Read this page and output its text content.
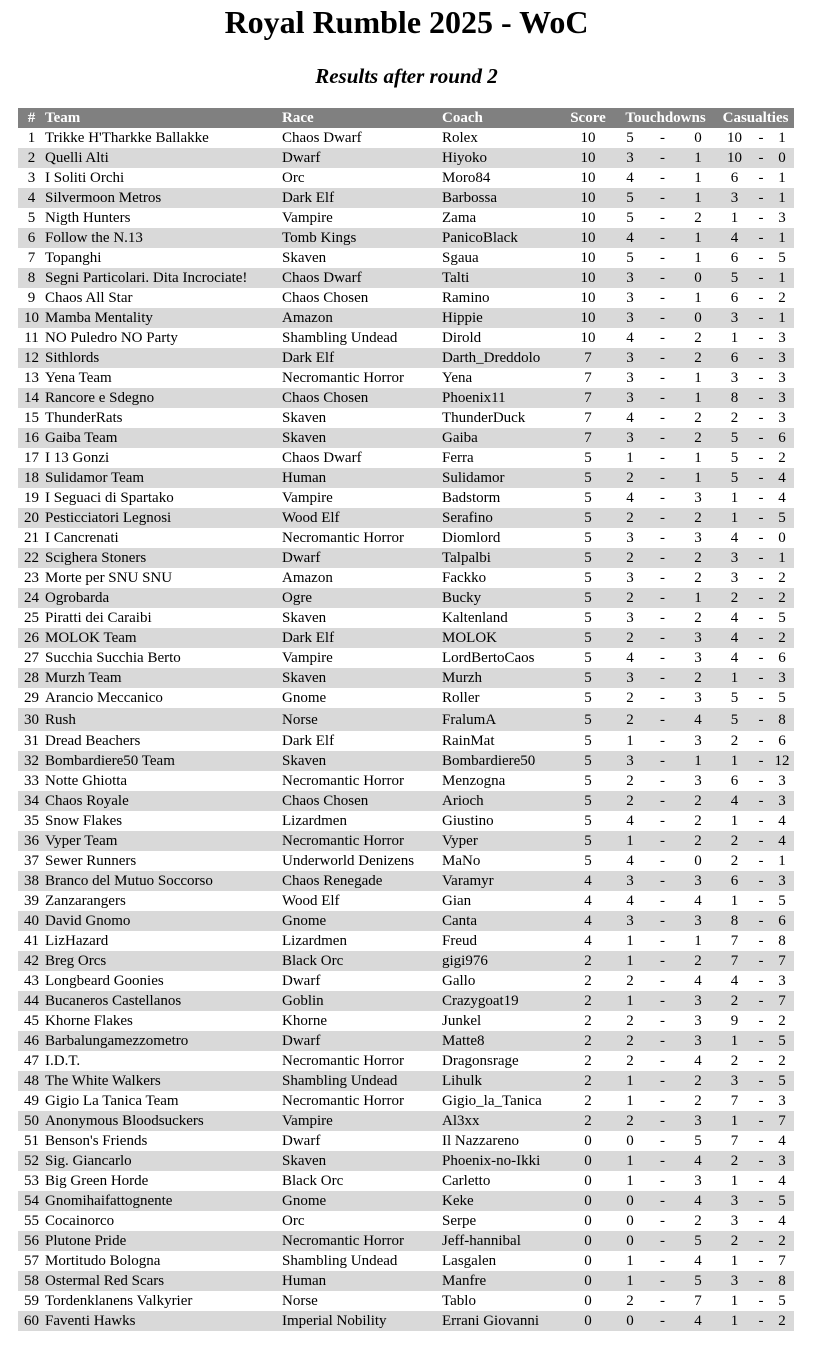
Royal Rumble 2025 - WoC
Results after round 2
#	Team	Race	Coach	Score	Touchdowns			Casualties		
1	Trikke H'Tharkke Ballakke	Chaos Dwarf	Rolex	10	5	-	0	10	-	1
2	Quelli Alti	Dwarf	Hiyoko	10	3	-	1	10	-	0
3	I Soliti Orchi	Orc	Moro84	10	4	-	1	6	-	1
4	Silvermoon Metros	Dark Elf	Barbossa	10	5	-	1	3	-	1
5	Nigth Hunters	Vampire	Zama	10	5	-	2	1	-	3
6	Follow the N.13	Tomb Kings	PanicoBlack	10	4	-	1	4	-	1
7	Topanghi	Skaven	Sgaua	10	5	-	1	6	-	5
8	Segni Particolari. Dita Incrociate!	Chaos Dwarf	Talti	10	3	-	0	5	-	1
9	Chaos All Star	Chaos Chosen	Ramino	10	3	-	1	6	-	2
10	Mamba Mentality	Amazon	Hippie	10	3	-	0	3	-	1
11	NO Puledro NO Party	Shambling Undead	Dirold	10	4	-	2	1	-	3
12	Sithlords	Dark Elf	Darth_Dreddolo	7	3	-	2	6	-	3
13	Yena Team	Necromantic Horror	Yena	7	3	-	1	3	-	3
14	Rancore e Sdegno	Chaos Chosen	Phoenix11	7	3	-	1	8	-	3
15	ThunderRats	Skaven	ThunderDuck	7	4	-	2	2	-	3
16	Gaiba Team	Skaven	Gaiba	7	3	-	2	5	-	6
17	I 13 Gonzi	Chaos Dwarf	Ferra	5	1	-	1	5	-	2
18	Sulidamor Team	Human	Sulidamor	5	2	-	1	5	-	4
19	I Seguaci di Spartako	Vampire	Badstorm	5	4	-	3	1	-	4
20	Pesticciatori Legnosi	Wood Elf	Serafino	5	2	-	2	1	-	5
21	I Cancrenati	Necromantic Horror	Diomlord	5	3	-	3	4	-	0
22	Scighera Stoners	Dwarf	Talpalbi	5	2	-	2	3	-	1
23	Morte per SNU SNU	Amazon	Fackko	5	3	-	2	3	-	2
24	Ogrobarda	Ogre	Bucky	5	2	-	1	2	-	2
25	Piratti dei Caraibi	Skaven	Kaltenland	5	3	-	2	4	-	5
26	MOLOK Team	Dark Elf	MOLOK	5	2	-	3	4	-	2
27	Succhia Succhia Berto	Vampire	LordBertoCaos	5	4	-	3	4	-	6
28	Murzh Team	Skaven	Murzh	5	3	-	2	1	-	3
29	Arancio Meccanico	Gnome	Roller	5	2	-	3	5	-	5
30	Rush	Norse	FralumA	5	2	-	4	5	-	8
31	Dread Beachers	Dark Elf	RainMat	5	1	-	3	2	-	6
32	Bombardiere50 Team	Skaven	Bombardiere50	5	3	-	1	1	-	12
33	Notte Ghiotta	Necromantic Horror	Menzogna	5	2	-	3	6	-	3
34	Chaos Royale	Chaos Chosen	Arioch	5	2	-	2	4	-	3
35	Snow Flakes	Lizardmen	Giustino	5	4	-	2	1	-	4
36	Vyper Team	Necromantic Horror	Vyper	5	1	-	2	2	-	4
37	Sewer Runners	Underworld Denizens	MaNo	5	4	-	0	2	-	1
38	Branco del Mutuo Soccorso	Chaos Renegade	Varamyr	4	3	-	3	6	-	3
39	Zanzarangers	Wood Elf	Gian	4	4	-	4	1	-	5
40	David Gnomo	Gnome	Canta	4	3	-	3	8	-	6
41	LizHazard	Lizardmen	Freud	4	1	-	1	7	-	8
42	Breg Orcs	Black Orc	gigi976	2	1	-	2	7	-	7
43	Longbeard Goonies	Dwarf	Gallo	2	2	-	4	4	-	3
44	Bucaneros Castellanos	Goblin	Crazygoat19	2	1	-	3	2	-	7
45	Khorne Flakes	Khorne	Junkel	2	2	-	3	9	-	2
46	Barbalungamezzometro	Dwarf	Matte8	2	2	-	3	1	-	5
47	I.D.T.	Necromantic Horror	Dragonsrage	2	2	-	4	2	-	2
48	The White Walkers	Shambling Undead	Lihulk	2	1	-	2	3	-	5
49	Gigio La Tanica Team	Necromantic Horror	Gigio_la_Tanica	2	1	-	2	7	-	3
50	Anonymous Bloodsuckers	Vampire	Al3xx	2	2	-	3	1	-	7
51	Benson's Friends	Dwarf	Il Nazzareno	0	0	-	5	7	-	4
52	Sig. Giancarlo	Skaven	Phoenix-no-Ikki	0	1	-	4	2	-	3
53	Big Green Horde	Black Orc	Carletto	0	1	-	3	1	-	4
54	Gnomihaifattognente	Gnome	Keke	0	0	-	4	3	-	5
55	Cocainorco	Orc	Serpe	0	0	-	2	3	-	4
56	Plutone Pride	Necromantic Horror	Jeff-hannibal	0	0	-	5	2	-	2
57	Mortitudo Bologna	Shambling Undead	Lasgalen	0	1	-	4	1	-	7
58	Ostermal Red Scars	Human	Manfre	0	1	-	5	3	-	8
59	Tordenklanens Valkyrier	Norse	Tablo	0	2	-	7	1	-	5
60	Faventi Hawks	Imperial Nobility	Errani Giovanni	0	0	-	4	1	-	2
